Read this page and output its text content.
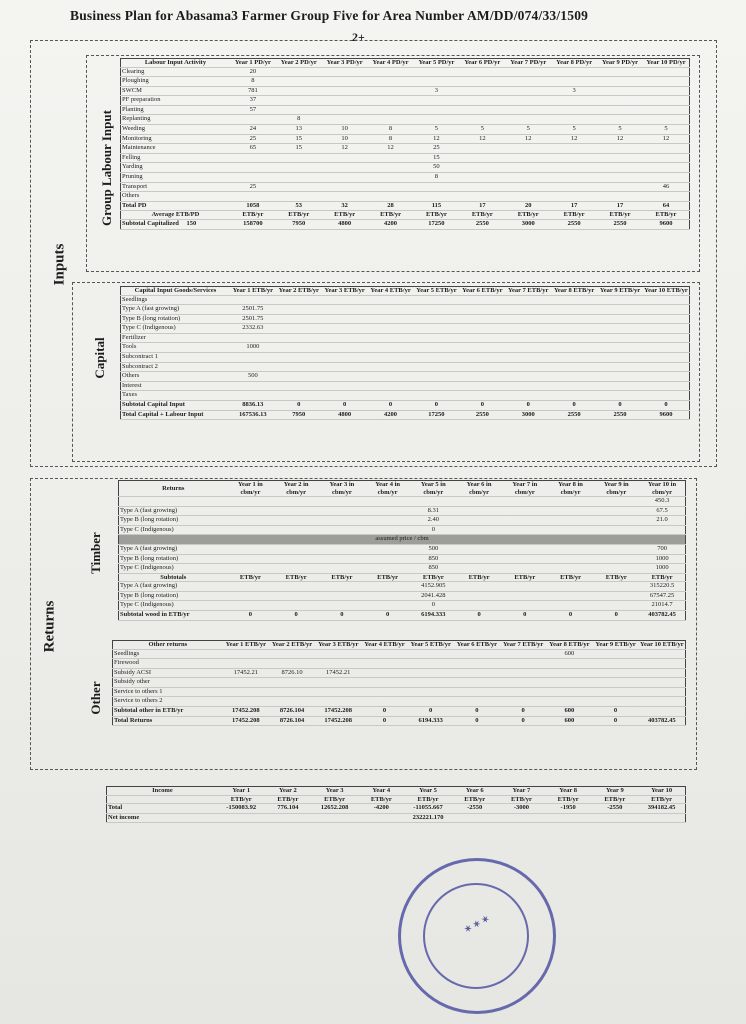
Business Plan for Abasama3 Farmer Group Five for Area Number AM/DD/074/33/1509
2+
Inputs
Group Labour Input
Capital
Returns
Timber
Other
Labour Input Activity	Year 1 PD/yr	Year 2 PD/yr	Year 3 PD/yr	Year 4 PD/yr	Year 5 PD/yr	Year 6 PD/yr	Year 7 PD/yr	Year 8 PD/yr	Year 9 PD/yr	Year 10 PD/yr
Clearing	20									
Ploughing	8									
SWCM	781				3			3		
PF preparation	37									
Planting	57									
Replanting		8								
Weeding	24	13	10	8	5	5	5	5	5	5
Monitoring	25	15	10	8	12	12	12	12	12	12
Maintenance	65	15	12	12	25					
Felling					15					
Yarding					50					
Pruning					8					
Transport	25									46
Others										
Total PD	1058	53	32	28	115	17	20	17	17	64
Average ETB/PD	ETB/yr	ETB/yr	ETB/yr	ETB/yr	ETB/yr	ETB/yr	ETB/yr	ETB/yr	ETB/yr	ETB/yr
Subtotal Capitalized 150	158700	7950	4800	4200	17250	2550	3000	2550	2550	9600
Capital Input Goods/Services	Year 1 ETB/yr	Year 2 ETB/yr	Year 3 ETB/yr	Year 4 ETB/yr	Year 5 ETB/yr	Year 6 ETB/yr	Year 7 ETB/yr	Year 8 ETB/yr	Year 9 ETB/yr	Year 10 ETB/yr
Seedlings										
Type A (fast growing)	2501.75									
Type B (long rotation)	2501.75									
Type C (Indigenous)	2332.63									
Fertilizer										
Tools	1000									
Subcontract 1										
Subcontract 2										
Others	500									
Interest										
Taxes										
Subtotal Capital Input	8836.13	0	0	0	0	0	0	0	0	0
Total Capital + Labour Input	167536.13	7950	4800	4200	17250	2550	3000	2550	2550	9600
Returns	Year 1 in cbm/yr	Year 2 in cbm/yr	Year 3 in cbm/yr	Year 4 in cbm/yr	Year 5 in cbm/yr	Year 6 in cbm/yr	Year 7 in cbm/yr	Year 8 in cbm/yr	Year 9 in cbm/yr	Year 10 in cbm/yr
										450.3
Type A (fast growing)					8.31					67.5
Type B (long rotation)					2.40					21.0
Type C (Indigenous)					0					
assumed price / cbm										
Type A (fast growing)					500					700
Type B (long rotation)					850					1000
Type C (Indigenous)					850					1000
Subtotals	ETB/yr	ETB/yr	ETB/yr	ETB/yr	ETB/yr	ETB/yr	ETB/yr	ETB/yr	ETB/yr	ETB/yr
Type A (fast growing)					4152.905					315220.5
Type B (long rotation)					2041.428					67547.25
Type C (Indigenous)					0					21014.7
Subtotal wood in ETB/yr	0	0	0	0	6194.333	0	0	0	0	403782.45
Other returns	Year 1 ETB/yr	Year 2 ETB/yr	Year 3 ETB/yr	Year 4 ETB/yr	Year 5 ETB/yr	Year 6 ETB/yr	Year 7 ETB/yr	Year 8 ETB/yr	Year 9 ETB/yr	Year 10 ETB/yr
Seedlings								600		
Firewood										
Subsidy ACSI	17452.21	8726.10	17452.21							
Subsidy other										
Service to others 1										
Service to others 2										
Subtotal other in ETB/yr	17452.208	8726.104	17452.208	0	0	0	0	600	0	
Total Returns	17452.208	8726.104	17452.208	0	6194.333	0	0	600	0	403782.45
Income	Year 1	Year 2	Year 3	Year 4	Year 5	Year 6	Year 7	Year 8	Year 9	Year 10
	ETB/yr	ETB/yr	ETB/yr	ETB/yr	ETB/yr	ETB/yr	ETB/yr	ETB/yr	ETB/yr	ETB/yr
Total	-150083.92	776.104	12652.208	-4200	-11055.667	-2550	-3000	-1950	-2550	394182.45
Net income					232221.170					
✶ ✶ ✶
